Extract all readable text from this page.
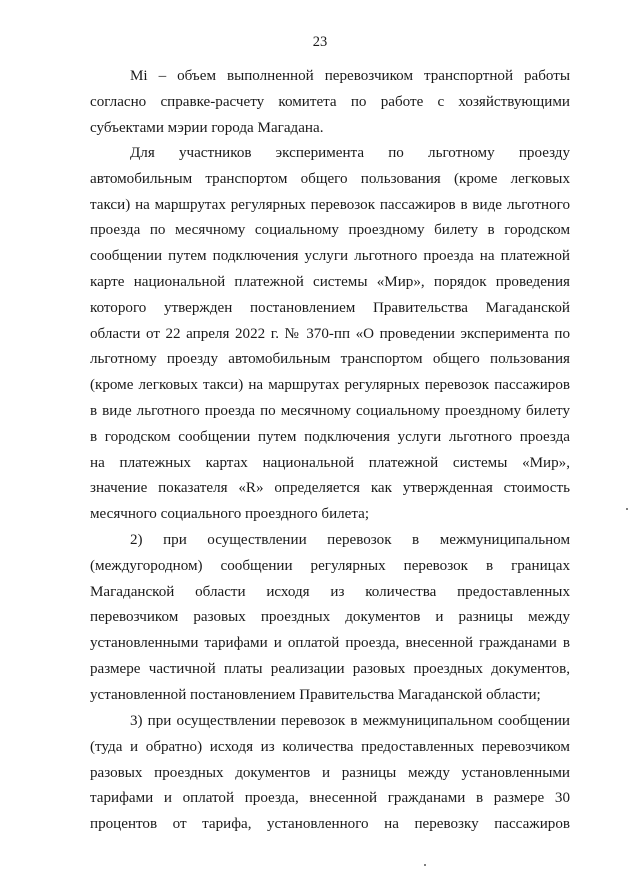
23
Mi – объем выполненной перевозчиком транспортной работы
согласно справке-расчету комитета по работе с хозяйствующими
субъектами мэрии города Магадана.
Для участников эксперимента по льготному проезду
автомобильным транспортом общего пользования (кроме легковых
такси) на маршрутах регулярных перевозок пассажиров в виде льготного
проезда по месячному социальному проездному билету в городском
сообщении путем подключения услуги льготного проезда на платежной
карте национальной платежной системы «Мир», порядок проведения
которого утвержден постановлением Правительства Магаданской
области от 22 апреля 2022 г. № 370-пп «О проведении эксперимента по
льготному проезду автомобильным транспортом общего пользования
(кроме легковых такси) на маршрутах регулярных перевозок пассажиров
в виде льготного проезда по месячному социальному проездному билету
в городском сообщении путем подключения услуги льготного проезда
на платежных картах национальной платежной системы «Мир»,
значение показателя «R» определяется как утвержденная стоимость
месячного социального проездного билета;
2) при осуществлении перевозок в межмуниципальном
(междугородном) сообщении регулярных перевозок в границах
Магаданской области исходя из количества предоставленных
перевозчиком разовых проездных документов и разницы между
установленными тарифами и оплатой проезда, внесенной гражданами в
размере частичной платы реализации разовых проездных документов,
установленной постановлением Правительства Магаданской области;
3) при осуществлении перевозок в межмуниципальном сообщении
(туда и обратно) исходя из количества предоставленных перевозчиком
разовых проездных документов и разницы между установленными
тарифами и оплатой проезда, внесенной гражданами в размере 30
процентов от тарифа, установленного на перевозку пассажиров
